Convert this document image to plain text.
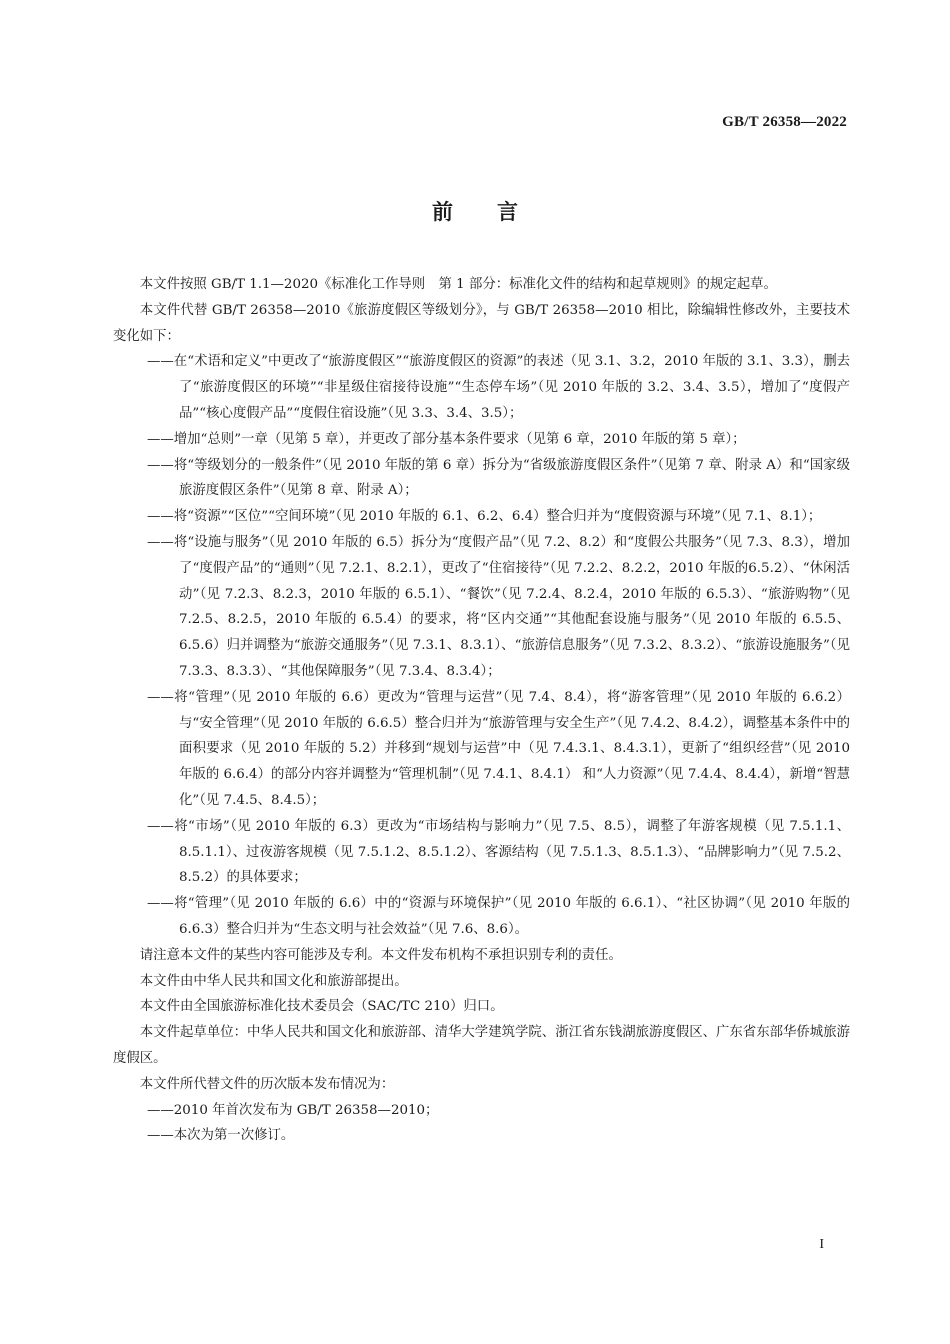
GB/T 26358—2022
前 言

本文件按照 GB/T 1.1—2020《标准化工作导则　第 1 部分：标准化文件的结构和起草规则》的规定起草。

本文件代替 GB/T 26358—2010《旅游度假区等级划分》，与 GB/T 26358—2010 相比，除编辑性修改外，主要技术变化如下：

——在“术语和定义”中更改了“旅游度假区”“旅游度假区的资源”的表述（见 3.1、3.2，2010 年版的 3.1、3.3），删去了“旅游度假区的环境”“非星级住宿接待设施”“生态停车场”（见 2010 年版的 3.2、3.4、3.5），增加了“度假产品”“核心度假产品”“度假住宿设施”（见 3.3、3.4、3.5）；

——增加“总则”一章（见第 5 章），并更改了部分基本条件要求（见第 6 章，2010 年版的第 5 章）；

——将“等级划分的一般条件”（见 2010 年版的第 6 章）拆分为“省级旅游度假区条件”（见第 7 章、附录 A）和“国家级旅游度假区条件”（见第 8 章、附录 A）；

——将“资源”“区位”“空间环境”（见 2010 年版的 6.1、6.2、6.4）整合归并为“度假资源与环境”（见 7.1、8.1）；

——将“设施与服务”（见 2010 年版的 6.5）拆分为“度假产品”（见 7.2、8.2）和“度假公共服务”（见 7.3、8.3），增加了“度假产品”的“通则”（见 7.2.1、8.2.1），更改了“住宿接待”（见 7.2.2、8.2.2，2010 年版的6.5.2）、“休闲活动”（见 7.2.3、8.2.3，2010 年版的 6.5.1）、“餐饮”（见 7.2.4、8.2.4，2010 年版的 6.5.3）、“旅游购物”（见 7.2.5、8.2.5，2010 年版的 6.5.4）的要求，将“区内交通”“其他配套设施与服务”（见 2010 年版的 6.5.5、6.5.6）归并调整为“旅游交通服务”（见 7.3.1、8.3.1）、“旅游信息服务”（见 7.3.2、8.3.2）、“旅游设施服务”（见 7.3.3、8.3.3）、“其他保障服务”（见 7.3.4、8.3.4）；

——将“管理”（见 2010 年版的 6.6）更改为“管理与运营”（见 7.4、8.4），将“游客管理”（见 2010 年版的 6.6.2）与“安全管理”（见 2010 年版的 6.6.5）整合归并为“旅游管理与安全生产”（见 7.4.2、8.4.2），调整基本条件中的面积要求（见 2010 年版的 5.2）并移到“规划与运营”中（见 7.4.3.1、8.4.3.1），更新了“组织经营”（见 2010 年版的 6.6.4）的部分内容并调整为“管理机制”（见 7.4.1、8.4.1） 和“人力资源”（见 7.4.4、8.4.4），新增“智慧化”（见 7.4.5、8.4.5）；

——将“市场”（见 2010 年版的 6.3）更改为“市场结构与影响力”（见 7.5、8.5），调整了年游客规模（见 7.5.1.1、8.5.1.1）、过夜游客规模（见 7.5.1.2、8.5.1.2）、客源结构（见 7.5.1.3、8.5.1.3）、“品牌影响力”（见 7.5.2、8.5.2）的具体要求；

——将“管理”（见 2010 年版的 6.6）中的“资源与环境保护”（见 2010 年版的 6.6.1）、“社区协调”（见 2010 年版的 6.6.3）整合归并为“生态文明与社会效益”（见 7.6、8.6）。

请注意本文件的某些内容可能涉及专利。本文件发布机构不承担识别专利的责任。

本文件由中华人民共和国文化和旅游部提出。

本文件由全国旅游标准化技术委员会（SAC/TC 210）归口。

本文件起草单位：中华人民共和国文化和旅游部、清华大学建筑学院、浙江省东钱湖旅游度假区、广东省东部华侨城旅游度假区。

本文件所代替文件的历次版本发布情况为：

——2010 年首次发布为 GB/T 26358—2010；

——本次为第一次修订。

I
